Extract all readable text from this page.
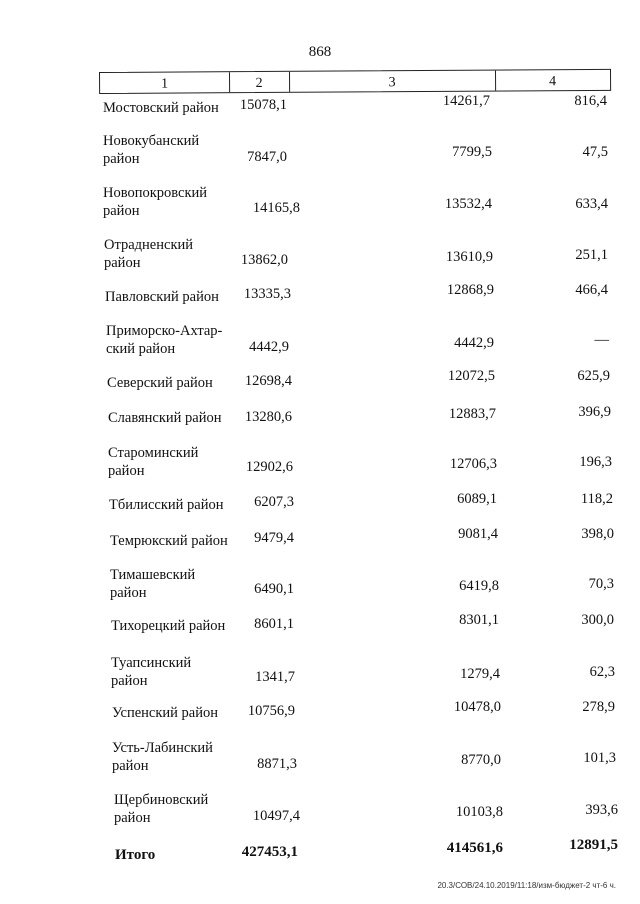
868
1	2	3	4
Мостовский район	15078,1	14261,7	816,4
Новокубанский район	7847,0	7799,5	47,5
Новопокровский район	14165,8	13532,4	633,4
Отрадненский район	13862,0	13610,9	251,1
Павловский район	13335,3	12868,9	466,4
Приморско-Ахтар-ский район	4442,9	4442,9	—
Северский район	12698,4	12072,5	625,9
Славянский район	13280,6	12883,7	396,9
Староминский район	12902,6	12706,3	196,3
Тбилисский район	6207,3	6089,1	118,2
Темрюкский район	9479,4	9081,4	398,0
Тимашевский район	6490,1	6419,8	70,3
Тихорецкий район	8601,1	8301,1	300,0
Туапсинский район	1341,7	1279,4	62,3
Успенский район	10756,9	10478,0	278,9
Усть-Лабинский район	8871,3	8770,0	101,3
Щербиновский район	10497,4	10103,8	393,6
Итого	427453,1	414561,6	12891,5
20.3/СОВ/24.10.2019/11:18/изм-бюджет-2 чт-6 ч.
